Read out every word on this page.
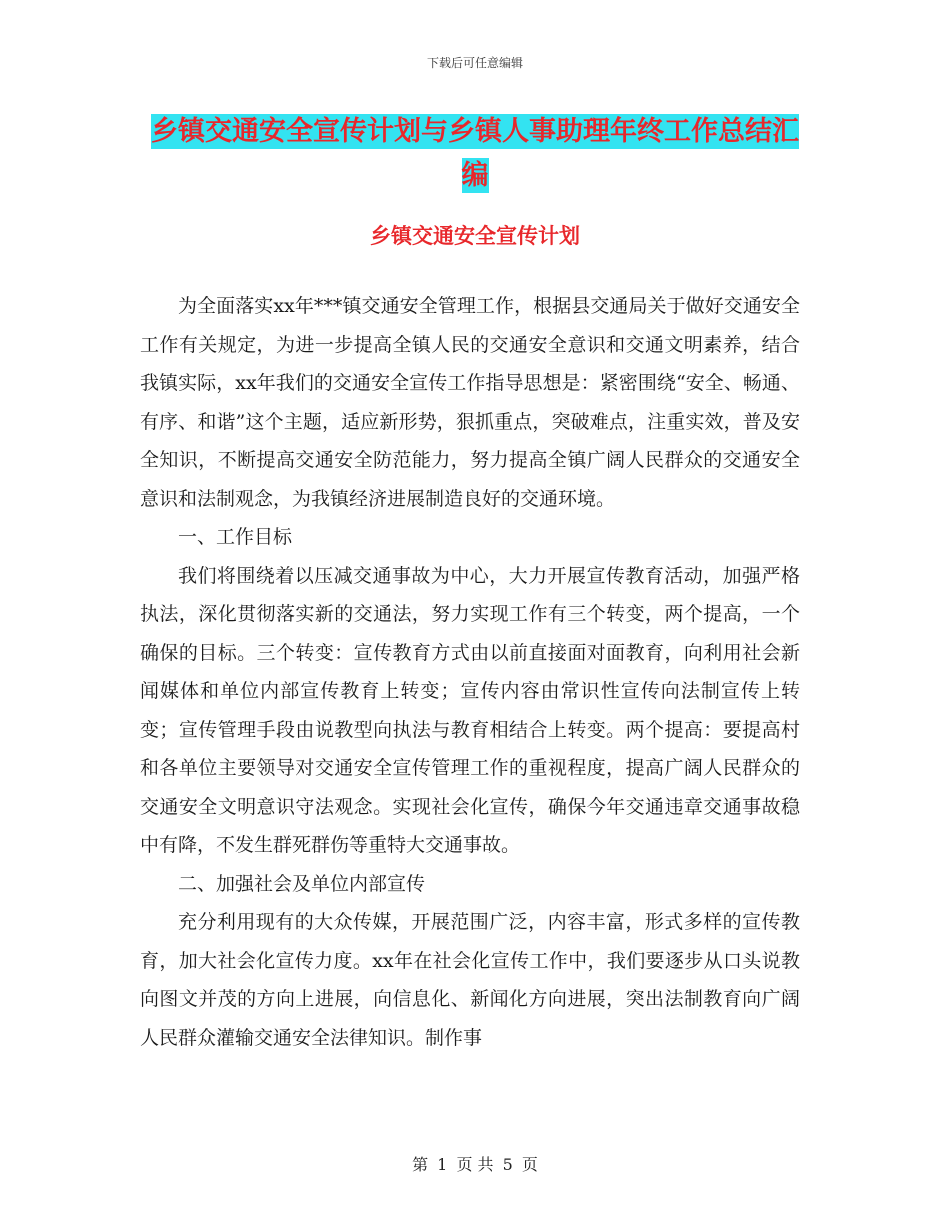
下载后可任意编辑
乡镇交通安全宣传计划与乡镇人事助理年终工作总结汇编
乡镇交通安全宣传计划

为全面落实xx年***镇交通安全管理工作，根据县交通局关于做好交通安全工作有关规定，为进一步提高全镇人民的交通安全意识和交通文明素养，结合我镇实际，xx年我们的交通安全宣传工作指导思想是：紧密围绕“安全、畅通、有序、和谐”这个主题，适应新形势，狠抓重点，突破难点，注重实效，普及安全知识，不断提高交通安全防范能力，努力提高全镇广阔人民群众的交通安全意识和法制观念，为我镇经济进展制造良好的交通环境。

一、工作目标

我们将围绕着以压减交通事故为中心，大力开展宣传教育活动，加强严格执法，深化贯彻落实新的交通法，努力实现工作有三个转变，两个提高，一个确保的目标。三个转变：宣传教育方式由以前直接面对面教育，向利用社会新闻媒体和单位内部宣传教育上转变；宣传内容由常识性宣传向法制宣传上转变；宣传管理手段由说教型向执法与教育相结合上转变。两个提高：要提高村和各单位主要领导对交通安全宣传管理工作的重视程度，提高广阔人民群众的交通安全文明意识守法观念。实现社会化宣传，确保今年交通违章交通事故稳中有降，不发生群死群伤等重特大交通事故。

二、加强社会及单位内部宣传

充分利用现有的大众传媒，开展范围广泛，内容丰富，形式多样的宣传教育，加大社会化宣传力度。xx年在社会化宣传工作中，我们要逐步从口头说教向图文并茂的方向上进展，向信息化、新闻化方向进展，突出法制教育向广阔人民群众灌输交通安全法律知识。制作事

第 1 页 共 5 页
